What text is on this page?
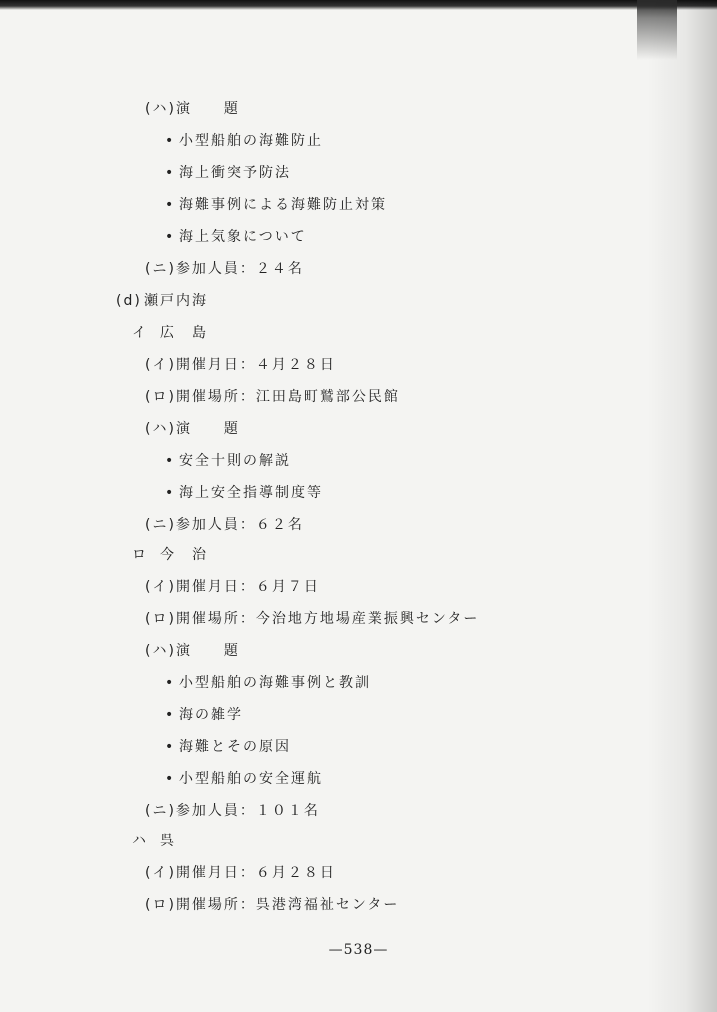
(ハ)演　　題
• 小型船舶の海難防止
• 海上衝突予防法
• 海難事例による海難防止対策
• 海上気象について
(ニ)参加人員：２４名
(d) 瀬戸内海
イ 広　島
(イ)開催月日：４月２８日
(ロ)開催場所：江田島町鷲部公民館
(ハ)演　　題
• 安全十則の解説
• 海上安全指導制度等
(ニ)参加人員：６２名
ロ 今　治
(イ)開催月日：６月７日
(ロ)開催場所：今治地方地場産業振興センター
(ハ)演　　題
• 小型船舶の海難事例と教訓
• 海の雑学
• 海難とその原因
• 小型船舶の安全運航
(ニ)参加人員：１０１名
ハ 呉
(イ)開催月日：６月２８日
(ロ)開催場所：呉港湾福祉センター
—538—
